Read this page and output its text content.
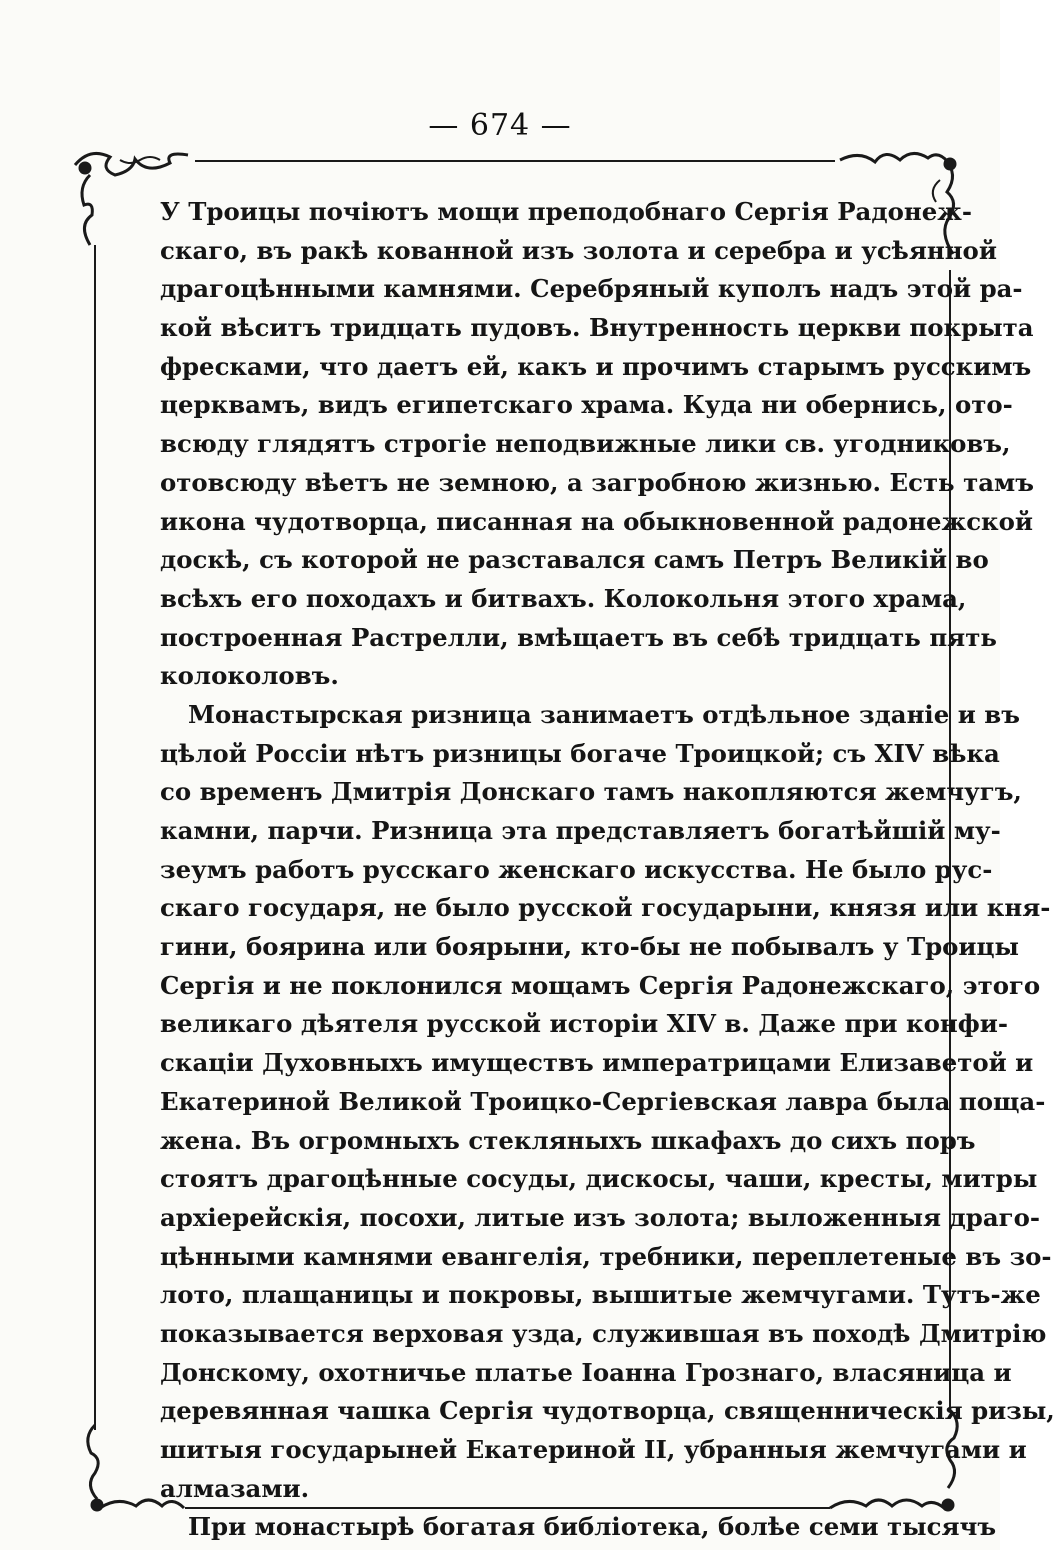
— 674 —
У Троицы почіютъ мощи преподобнаго Сергія Радонеж-
скаго, въ ракѣ кованной изъ золота и серебра и усѣянной
драгоцѣнными камнями. Серебряный куполъ надъ этой ра-
кой вѣситъ тридцать пудовъ. Внутренность церкви покрыта
фресками, что даетъ ей, какъ и прочимъ старымъ русскимъ
церквамъ, видъ египетскаго храма. Куда ни обернись, ото-
всюду глядятъ строгіе неподвижные лики св. угодниковъ,
отовсюду вѣетъ не земною, а загробною жизнью. Есть тамъ
икона чудотворца, писанная на обыкновенной радонежской
доскѣ, съ которой не разставался самъ Петръ Великій во
всѣхъ его походахъ и битвахъ. Колокольня этого храма,
построенная Растрелли, вмѣщаетъ въ себѣ тридцать пять
колоколовъ.
Монастырская ризница занимаетъ отдѣльное зданіе и въ
цѣлой Россіи нѣтъ ризницы богаче Троицкой; съ XIV вѣка
со временъ Дмитрія Донскаго тамъ накопляются жемчугъ,
камни, парчи. Ризница эта представляетъ богатѣйшій му-
зеумъ работъ русскаго женскаго искусства. Не было рус-
скаго государя, не было русской государыни, князя или кня-
гини, боярина или боярыни, кто-бы не побывалъ у Троицы
Сергія и не поклонился мощамъ Сергія Радонежскаго, этого
великаго дѣятеля русской исторіи XIV в. Даже при конфи-
скаціи Духовныхъ имуществъ императрицами Елизаветой и
Екатериной Великой Троицко-Сергіевская лавра была пощa-
жена. Въ огромныхъ стекляныхъ шкафахъ до сихъ поръ
стоятъ драгоцѣнные сосуды, дискосы, чаши, кресты, митры
архіерейскія, посохи, литые изъ золота; выложенныя драго-
цѣнными камнями евангелія, требники, переплетеные въ зо-
лото, плащаницы и покровы, вышитые жемчугами. Тутъ-же
показывается верховая узда, служившая въ походѣ Дмитрію
Донскому, охотничье платье Іоанна Грознаго, власяница и
деревянная чашка Сергія чудотворца, священническія ризы,
шитыя государыней Екатериной II, убранныя жемчугами и
алмазами.
При монастырѣ богатая библіотека, болѣе семи тысячъ
